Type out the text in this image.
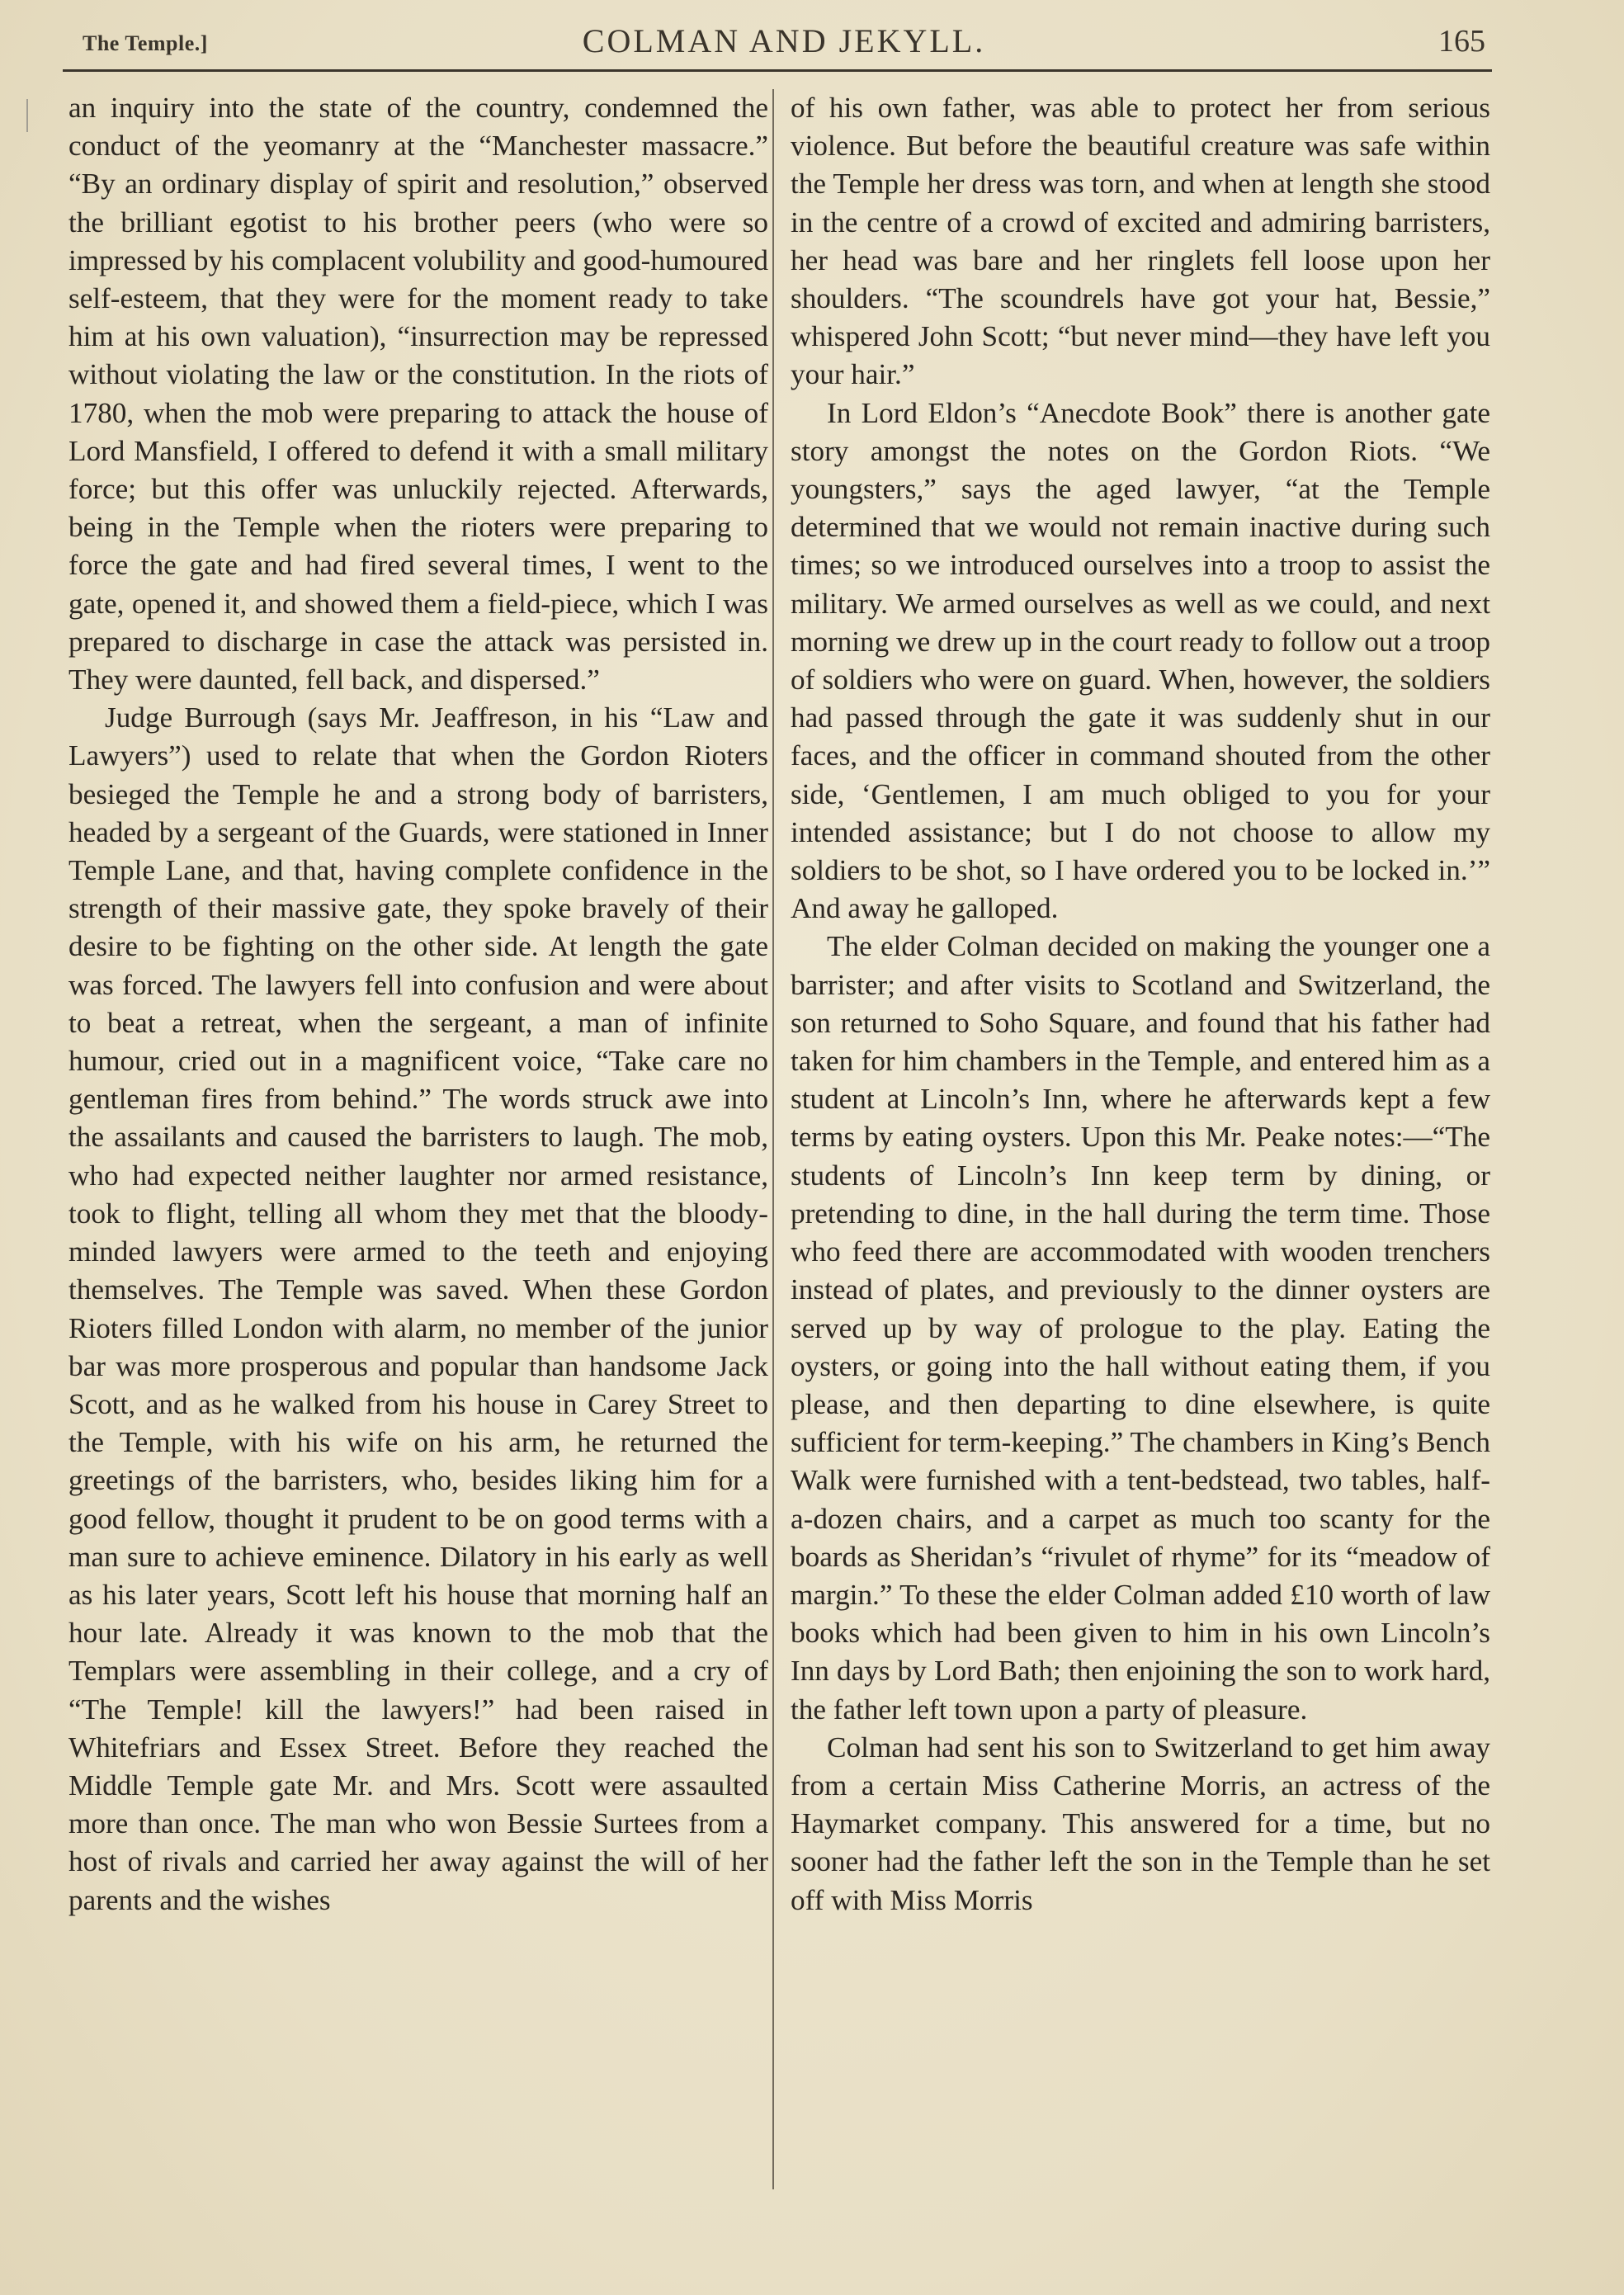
The Temple.]	COLMAN AND JEKYLL.	165

an inquiry into the state of the country, condemned the conduct of the yeomanry at the “Manchester massacre.” “By an ordinary display of spirit and resolution,” observed the brilliant egotist to his brother peers (who were so impressed by his complacent volubility and good-humoured self-esteem, that they were for the moment ready to take him at his own valuation), “insurrection may be repressed without violating the law or the constitution. In the riots of 1780, when the mob were preparing to attack the house of Lord Mansfield, I offered to defend it with a small military force; but this offer was unluckily rejected. Afterwards, being in the Temple when the rioters were preparing to force the gate and had fired several times, I went to the gate, opened it, and showed them a field-piece, which I was prepared to discharge in case the attack was persisted in. They were daunted, fell back, and dispersed.”

Judge Burrough (says Mr. Jeaffreson, in his “Law and Lawyers”) used to relate that when the Gordon Rioters besieged the Temple he and a strong body of barristers, headed by a sergeant of the Guards, were stationed in Inner Temple Lane, and that, having complete confidence in the strength of their massive gate, they spoke bravely of their desire to be fighting on the other side. At length the gate was forced. The lawyers fell into confusion and were about to beat a retreat, when the sergeant, a man of infinite humour, cried out in a magnificent voice, “Take care no gentleman fires from behind.” The words struck awe into the assailants and caused the barristers to laugh. The mob, who had expected neither laughter nor armed resistance, took to flight, telling all whom they met that the bloody-minded lawyers were armed to the teeth and enjoying themselves. The Temple was saved. When these Gordon Rioters filled London with alarm, no member of the junior bar was more prosperous and popular than handsome Jack Scott, and as he walked from his house in Carey Street to the Temple, with his wife on his arm, he returned the greetings of the barristers, who, besides liking him for a good fellow, thought it prudent to be on good terms with a man sure to achieve eminence. Dilatory in his early as well as his later years, Scott left his house that morning half an hour late. Already it was known to the mob that the Templars were assembling in their college, and a cry of “The Temple! kill the lawyers!” had been raised in Whitefriars and Essex Street. Before they reached the Middle Temple gate Mr. and Mrs. Scott were assaulted more than once. The man who won Bessie Surtees from a host of rivals and carried her away against the will of her parents and the wishes

of his own father, was able to protect her from serious violence. But before the beautiful creature was safe within the Temple her dress was torn, and when at length she stood in the centre of a crowd of excited and admiring barristers, her head was bare and her ringlets fell loose upon her shoulders. “The scoundrels have got your hat, Bessie,” whispered John Scott; “but never mind—they have left you your hair.”

In Lord Eldon’s “Anecdote Book” there is another gate story amongst the notes on the Gordon Riots. “We youngsters,” says the aged lawyer, “at the Temple determined that we would not remain inactive during such times; so we introduced ourselves into a troop to assist the military. We armed ourselves as well as we could, and next morning we drew up in the court ready to follow out a troop of soldiers who were on guard. When, however, the soldiers had passed through the gate it was suddenly shut in our faces, and the officer in command shouted from the other side, ‘Gentlemen, I am much obliged to you for your intended assistance; but I do not choose to allow my soldiers to be shot, so I have ordered you to be locked in.’” And away he galloped.

The elder Colman decided on making the younger one a barrister; and after visits to Scotland and Switzerland, the son returned to Soho Square, and found that his father had taken for him chambers in the Temple, and entered him as a student at Lincoln’s Inn, where he afterwards kept a few terms by eating oysters. Upon this Mr. Peake notes:—“The students of Lincoln’s Inn keep term by dining, or pretending to dine, in the hall during the term time. Those who feed there are accommodated with wooden trenchers instead of plates, and previously to the dinner oysters are served up by way of prologue to the play. Eating the oysters, or going into the hall without eating them, if you please, and then departing to dine elsewhere, is quite sufficient for term-keeping.” The chambers in King’s Bench Walk were furnished with a tent-bedstead, two tables, half-a-dozen chairs, and a carpet as much too scanty for the boards as Sheridan’s “rivulet of rhyme” for its “meadow of margin.” To these the elder Colman added £10 worth of law books which had been given to him in his own Lincoln’s Inn days by Lord Bath; then enjoining the son to work hard, the father left town upon a party of pleasure.

Colman had sent his son to Switzerland to get him away from a certain Miss Catherine Morris, an actress of the Haymarket company. This answered for a time, but no sooner had the father left the son in the Temple than he set off with Miss Morris
